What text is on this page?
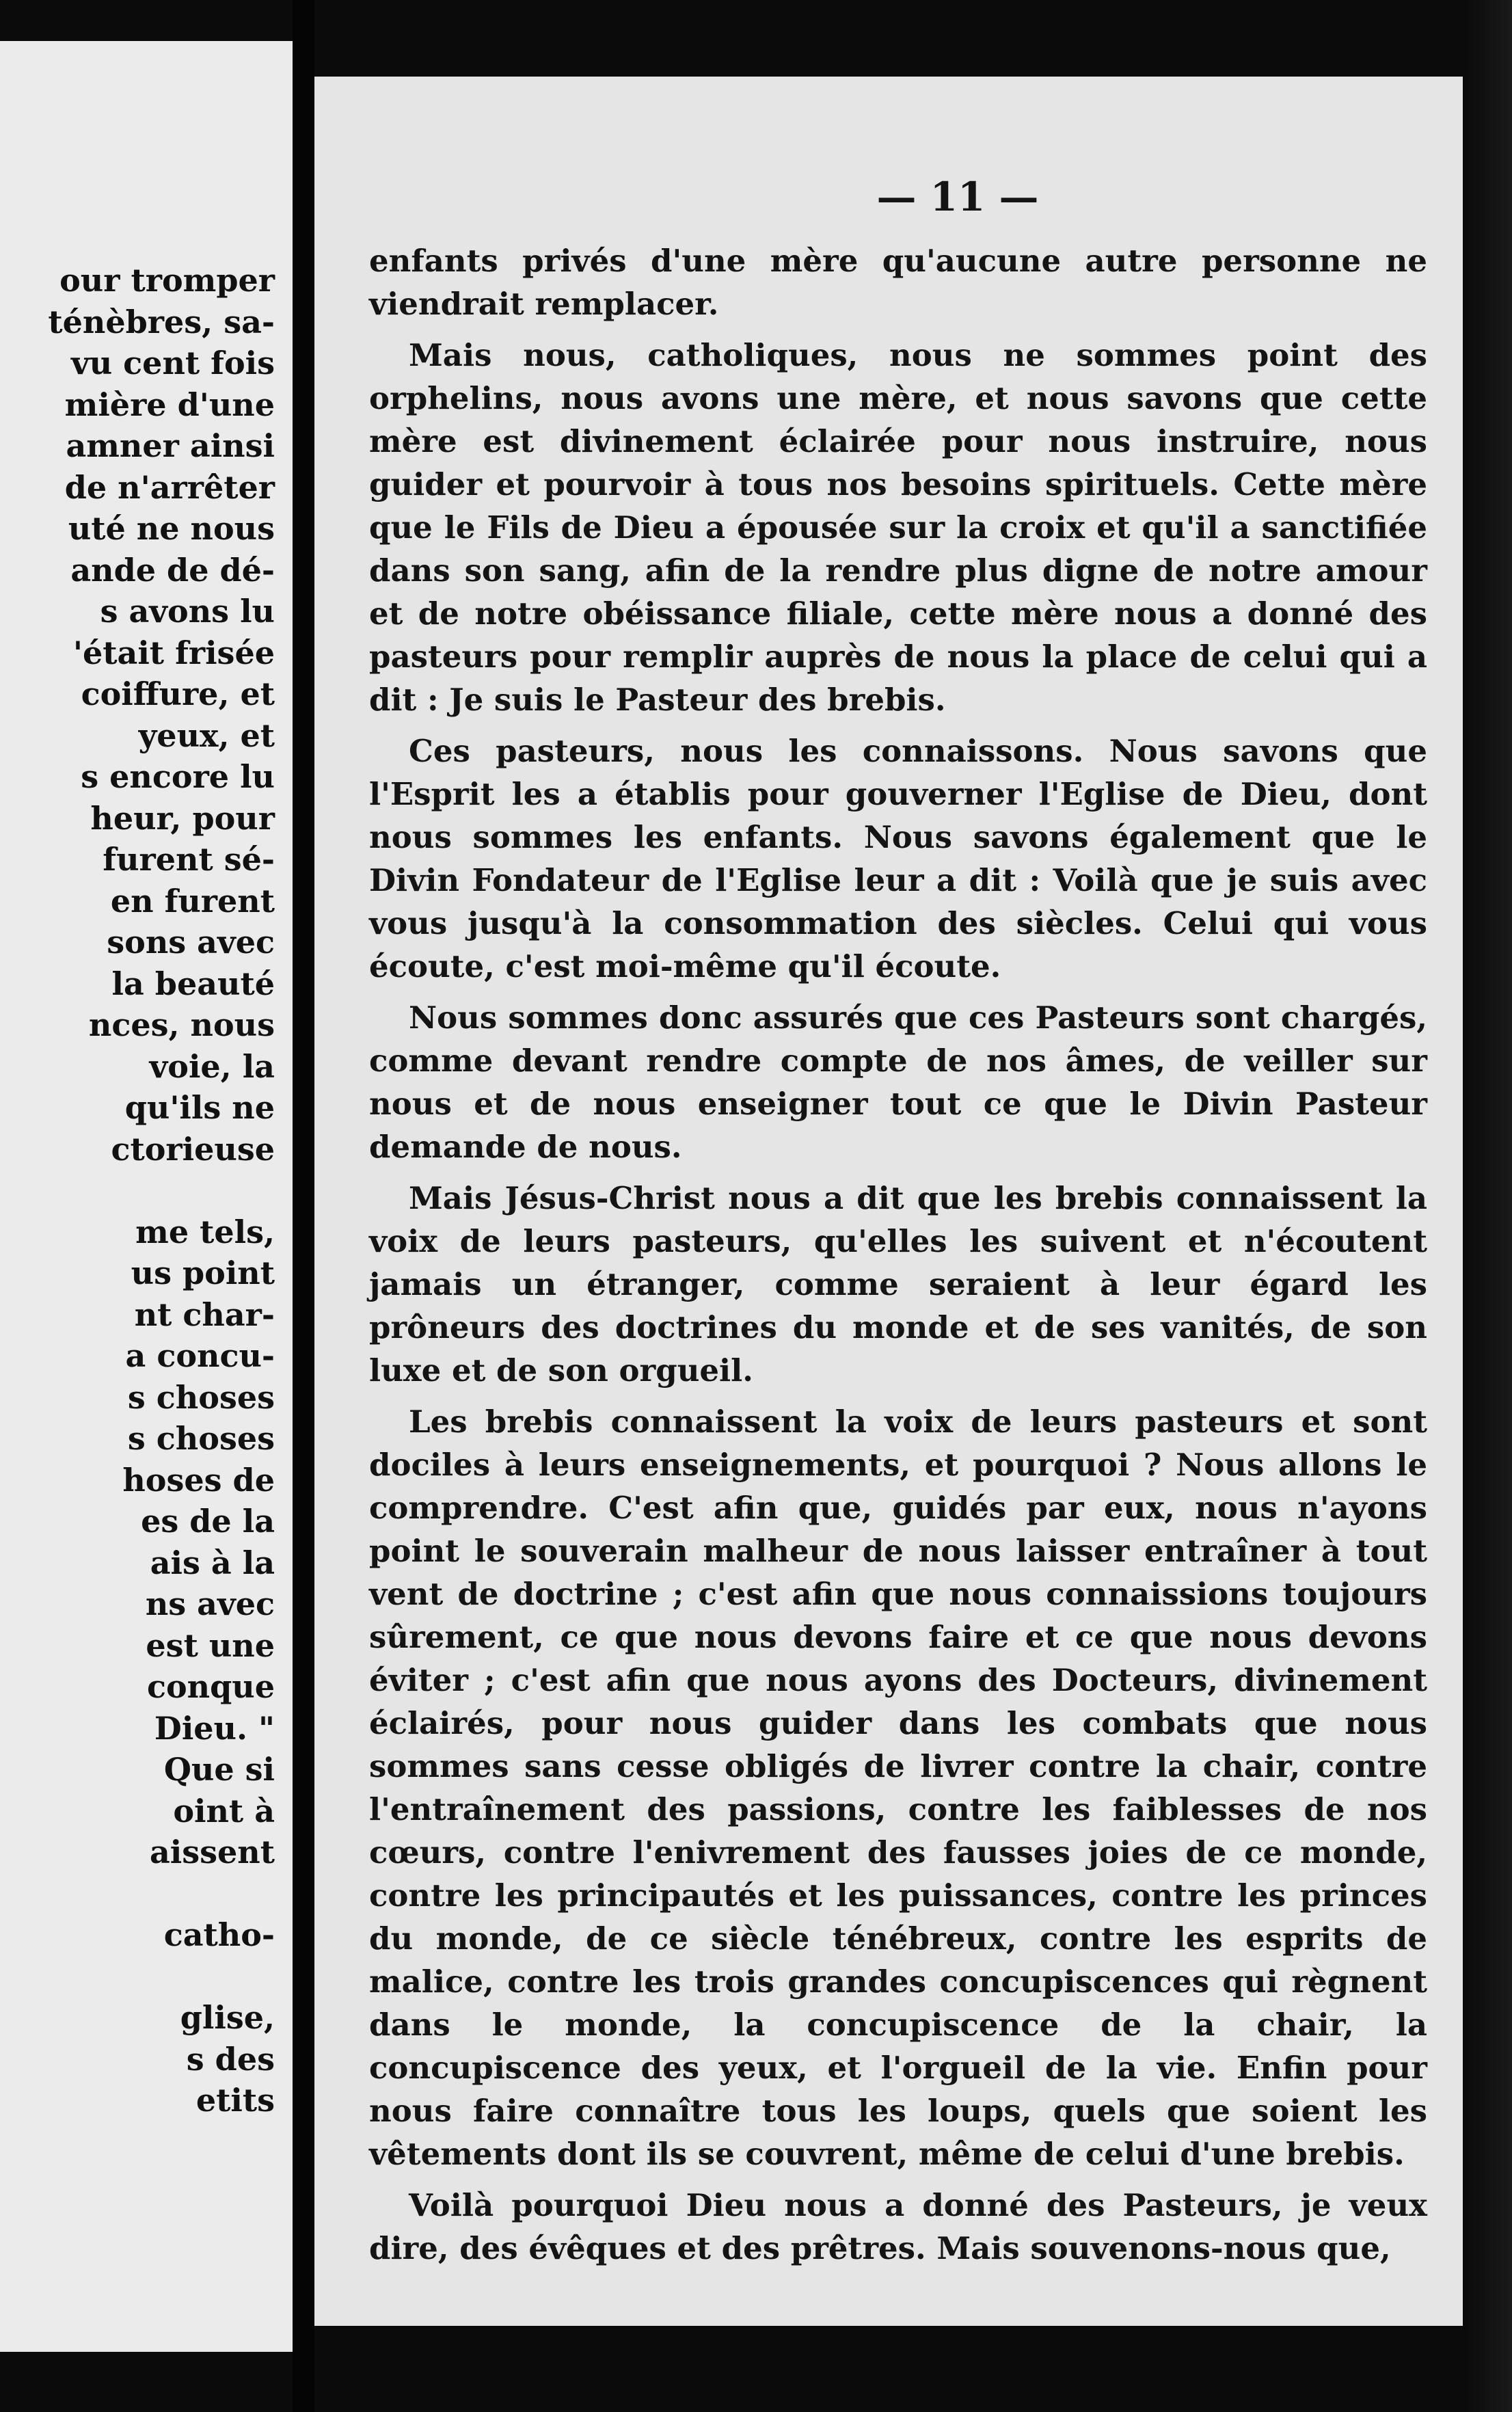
our tromper
ténèbres, sa-
vu cent fois
mière d'une
amner ainsi
de n'arrêter
uté ne nous
ande de dé-
s avons lu
'était frisée
coiffure, et
yeux, et
s encore lu
heur, pour
furent sé-
en furent
sons avec
la beauté
nces, nous
voie, la
qu'ils ne
ctorieuse
me tels,
us point
nt char-
a concu-
s choses
s choses
hoses de
es de la
ais à la
ns avec
est une
conque
Dieu. "
Que si
oint à
aissent
catho-
glise,
s des
etits
— 11 —

enfants privés d'une mère qu'aucune autre personne ne viendrait remplacer.

Mais nous, catholiques, nous ne sommes point des orphelins, nous avons une mère, et nous savons que cette mère est divinement éclairée pour nous instruire, nous guider et pourvoir à tous nos besoins spirituels. Cette mère que le Fils de Dieu a épousée sur la croix et qu'il a sanctifiée dans son sang, afin de la rendre plus digne de notre amour et de notre obéissance filiale, cette mère nous a donné des pasteurs pour remplir auprès de nous la place de celui qui a dit : Je suis le Pasteur des brebis.

Ces pasteurs, nous les connaissons. Nous savons que l'Esprit les a établis pour gouverner l'Eglise de Dieu, dont nous sommes les enfants. Nous savons également que le Divin Fondateur de l'Eglise leur a dit : Voilà que je suis avec vous jusqu'à la consommation des siècles. Celui qui vous écoute, c'est moi-même qu'il écoute.

Nous sommes donc assurés que ces Pasteurs sont chargés, comme devant rendre compte de nos âmes, de veiller sur nous et de nous enseigner tout ce que le Divin Pasteur demande de nous.

Mais Jésus-Christ nous a dit que les brebis connaissent la voix de leurs pasteurs, qu'elles les suivent et n'écoutent jamais un étranger, comme seraient à leur égard les prôneurs des doctrines du monde et de ses vanités, de son luxe et de son orgueil.

Les brebis connaissent la voix de leurs pasteurs et sont dociles à leurs enseignements, et pourquoi ? Nous allons le comprendre. C'est afin que, guidés par eux, nous n'ayons point le souverain malheur de nous laisser entraîner à tout vent de doctrine ; c'est afin que nous connaissions toujours sûrement, ce que nous devons faire et ce que nous devons éviter ; c'est afin que nous ayons des Docteurs, divinement éclairés, pour nous guider dans les combats que nous sommes sans cesse obligés de livrer contre la chair, contre l'entraînement des passions, contre les faiblesses de nos cœurs, contre l'enivrement des fausses joies de ce monde, contre les principautés et les puissances, contre les princes du monde, de ce siècle ténébreux, contre les esprits de malice, contre les trois grandes concupiscences qui règnent dans le monde, la concupiscence de la chair, la concupiscence des yeux, et l'orgueil de la vie. Enfin pour nous faire connaître tous les loups, quels que soient les vêtements dont ils se couvrent, même de celui d'une brebis.

Voilà pourquoi Dieu nous a donné des Pasteurs, je veux dire, des évêques et des prêtres. Mais souvenons-nous que,
